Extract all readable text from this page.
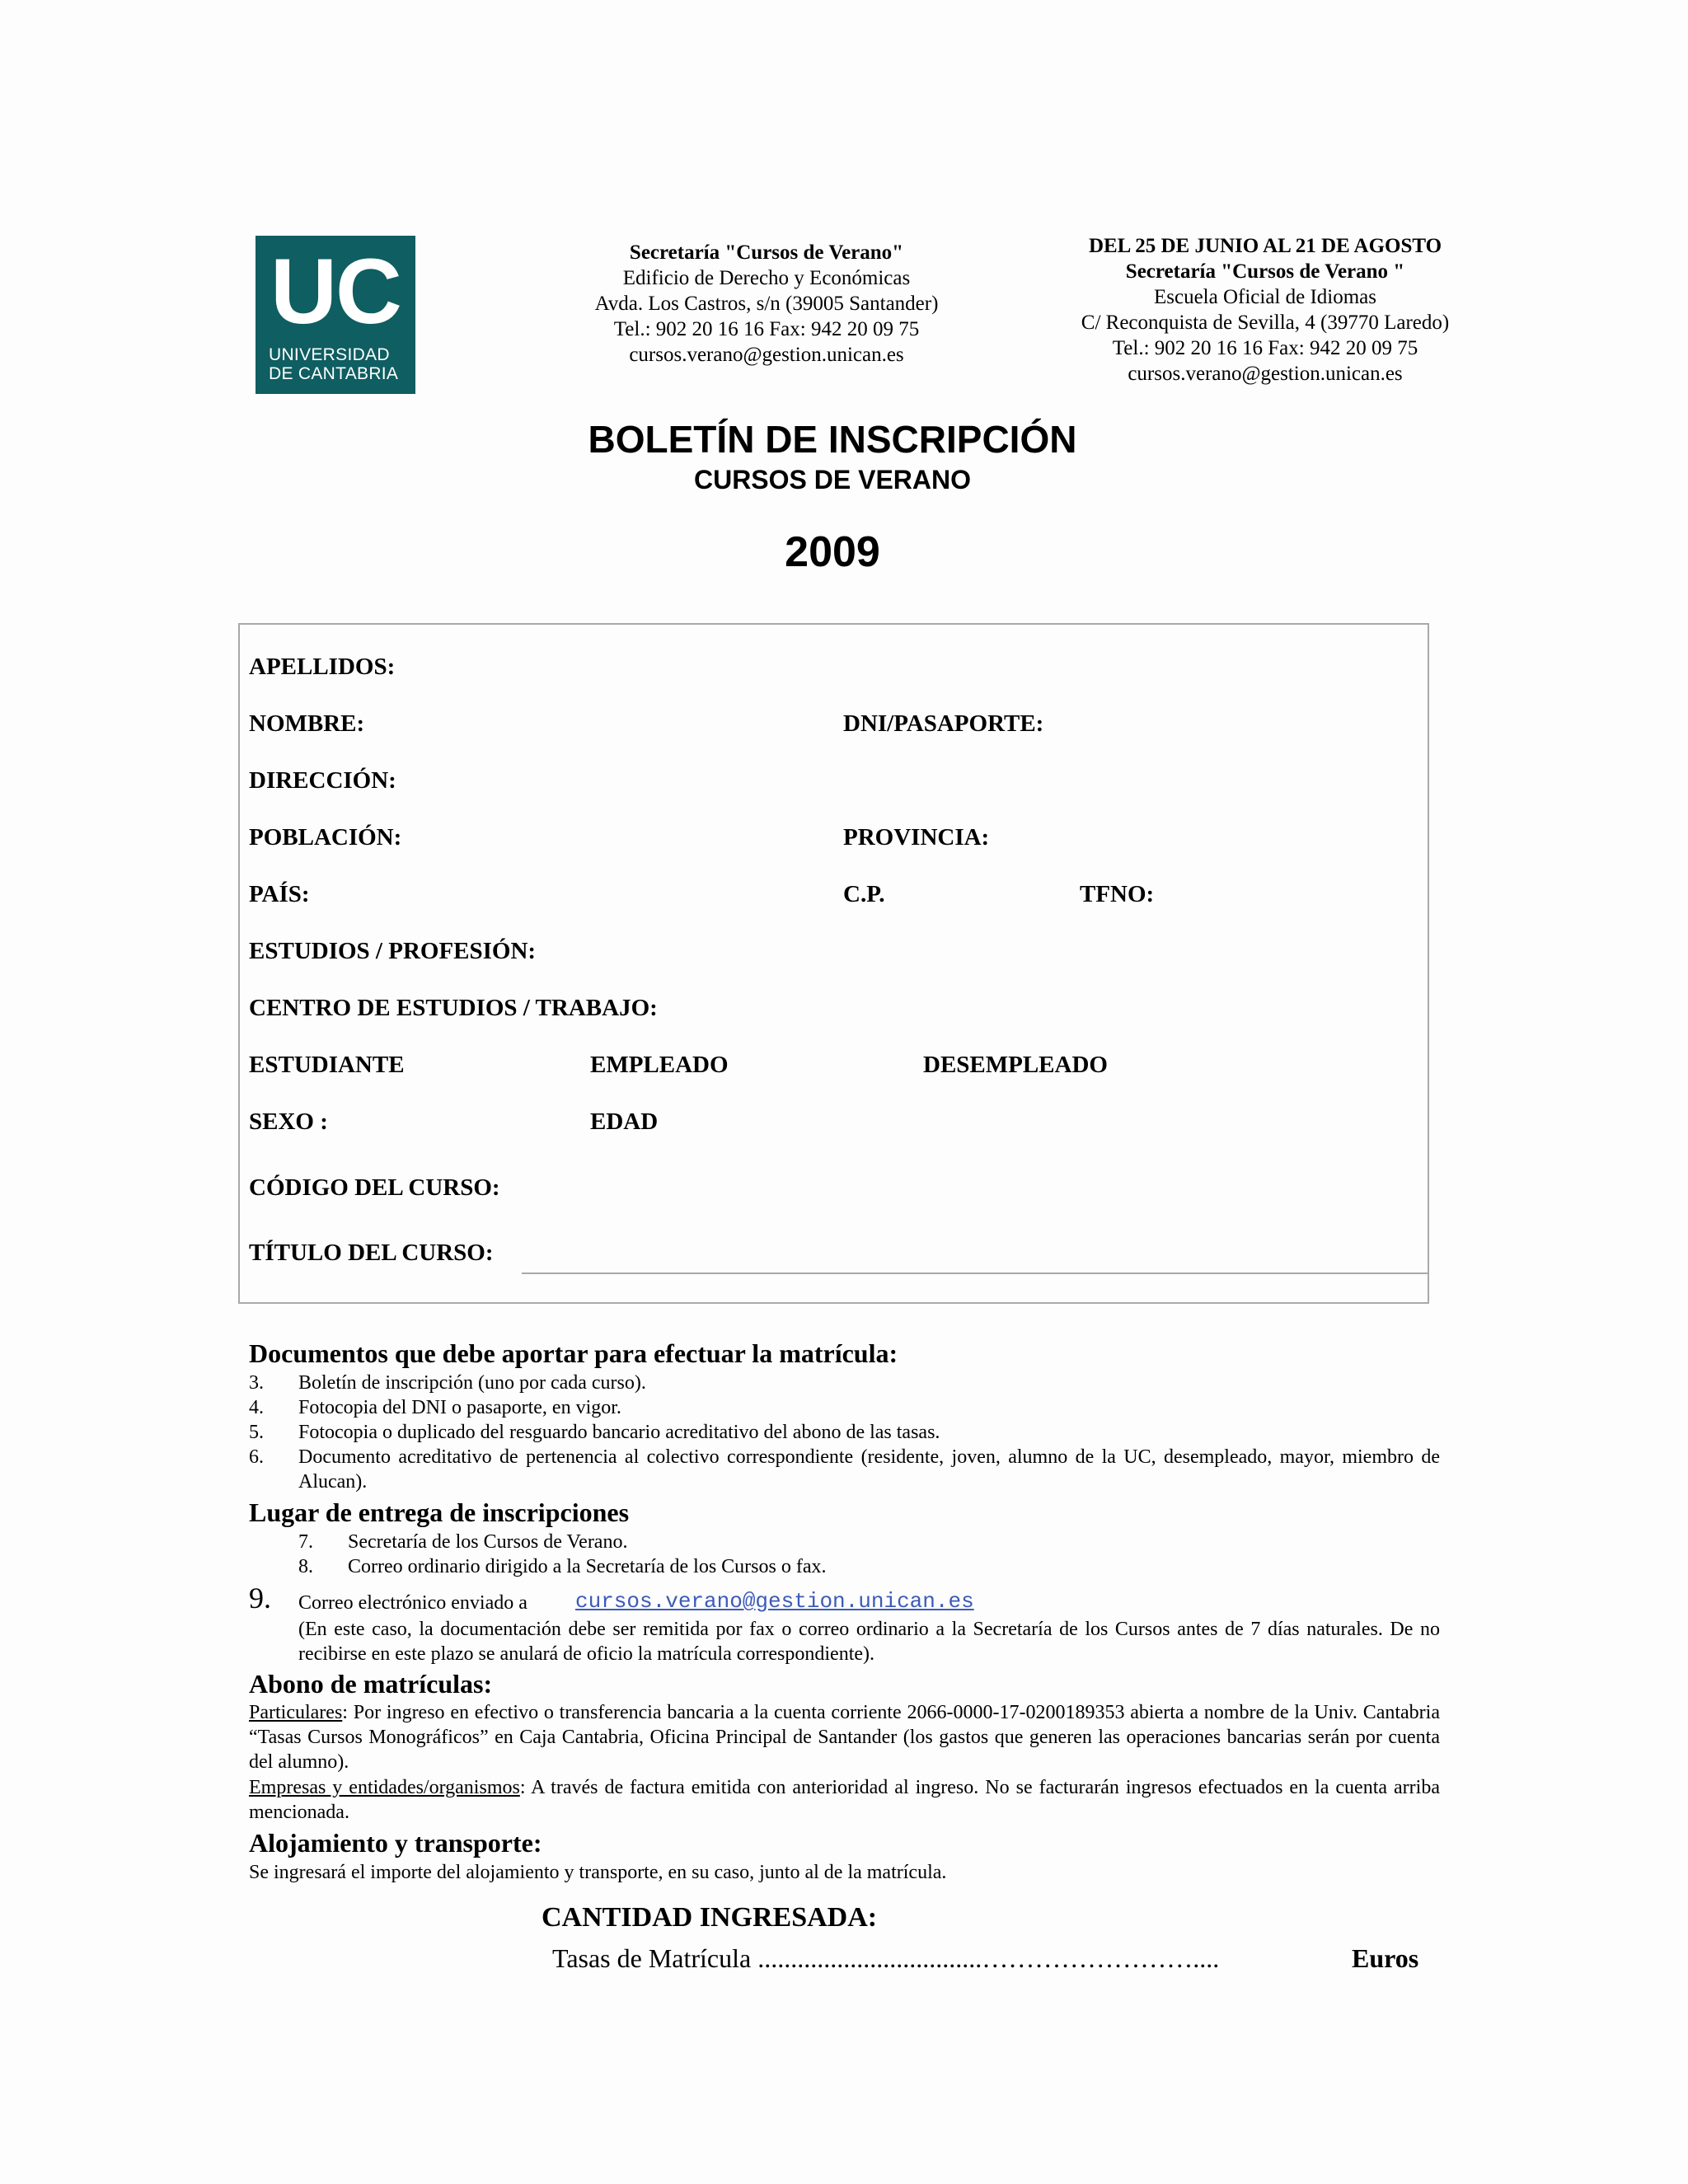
UC
UNIVERSIDAD
DE CANTABRIA
Secretaría "Cursos de Verano"
Edificio de Derecho y Económicas
Avda. Los Castros, s/n (39005 Santander)
Tel.: 902 20 16 16 Fax: 942 20 09 75
cursos.verano@gestion.unican.es
DEL 25 DE JUNIO AL 21 DE AGOSTO
Secretaría "Cursos de Verano "
Escuela Oficial de Idiomas
C/ Reconquista de Sevilla, 4 (39770 Laredo)
Tel.: 902 20 16 16 Fax: 942 20 09 75
cursos.verano@gestion.unican.es
BOLETÍN DE INSCRIPCIÓN
CURSOS DE VERANO
2009
APELLIDOS:
NOMBRE:	DNI/PASAPORTE:
DIRECCIÓN:
POBLACIÓN:	PROVINCIA:
PAÍS:	C.P.	TFNO:
ESTUDIOS / PROFESIÓN:
CENTRO DE ESTUDIOS / TRABAJO:
ESTUDIANTE	EMPLEADO	DESEMPLEADO
SEXO :	EDAD
CÓDIGO DEL CURSO:
TÍTULO DEL CURSO:
Documentos que debe aportar para efectuar la matrícula:
3. Boletín de inscripción (uno por cada curso).
4. Fotocopia del DNI o pasaporte, en vigor.
5. Fotocopia o duplicado del resguardo bancario acreditativo del abono de las tasas.
6. Documento acreditativo de pertenencia al colectivo correspondiente (residente, joven, alumno de la UC, desempleado, mayor, miembro de Alucan).
Lugar de entrega de inscripciones
7. Secretaría de los Cursos de Verano.
8. Correo ordinario dirigido a la Secretaría de los Cursos o fax.
9. Correo electrónico enviado a cursos.verano@gestion.unican.es
(En este caso, la documentación debe ser remitida por fax o correo ordinario a la Secretaría de los Cursos antes de 7 días naturales. De no recibirse en este plazo se anulará de oficio la matrícula correspondiente).
Abono de matrículas:
Particulares: Por ingreso en efectivo o transferencia bancaria a la cuenta corriente 2066-0000-17-0200189353 abierta a nombre de la Univ. Cantabria “Tasas Cursos Monográficos” en Caja Cantabria, Oficina Principal de Santander (los gastos que generen las operaciones bancarias serán por cuenta del alumno).
Empresas y entidades/organismos: A través de factura emitida con anterioridad al ingreso. No se facturarán ingresos efectuados en la cuenta arriba mencionada.
Alojamiento y transporte:
Se ingresará el importe del alojamiento y transporte, en su caso, junto al de la matrícula.
CANTIDAD INGRESADA:
Tasas de Matrícula ..................................……………………....	Euros
